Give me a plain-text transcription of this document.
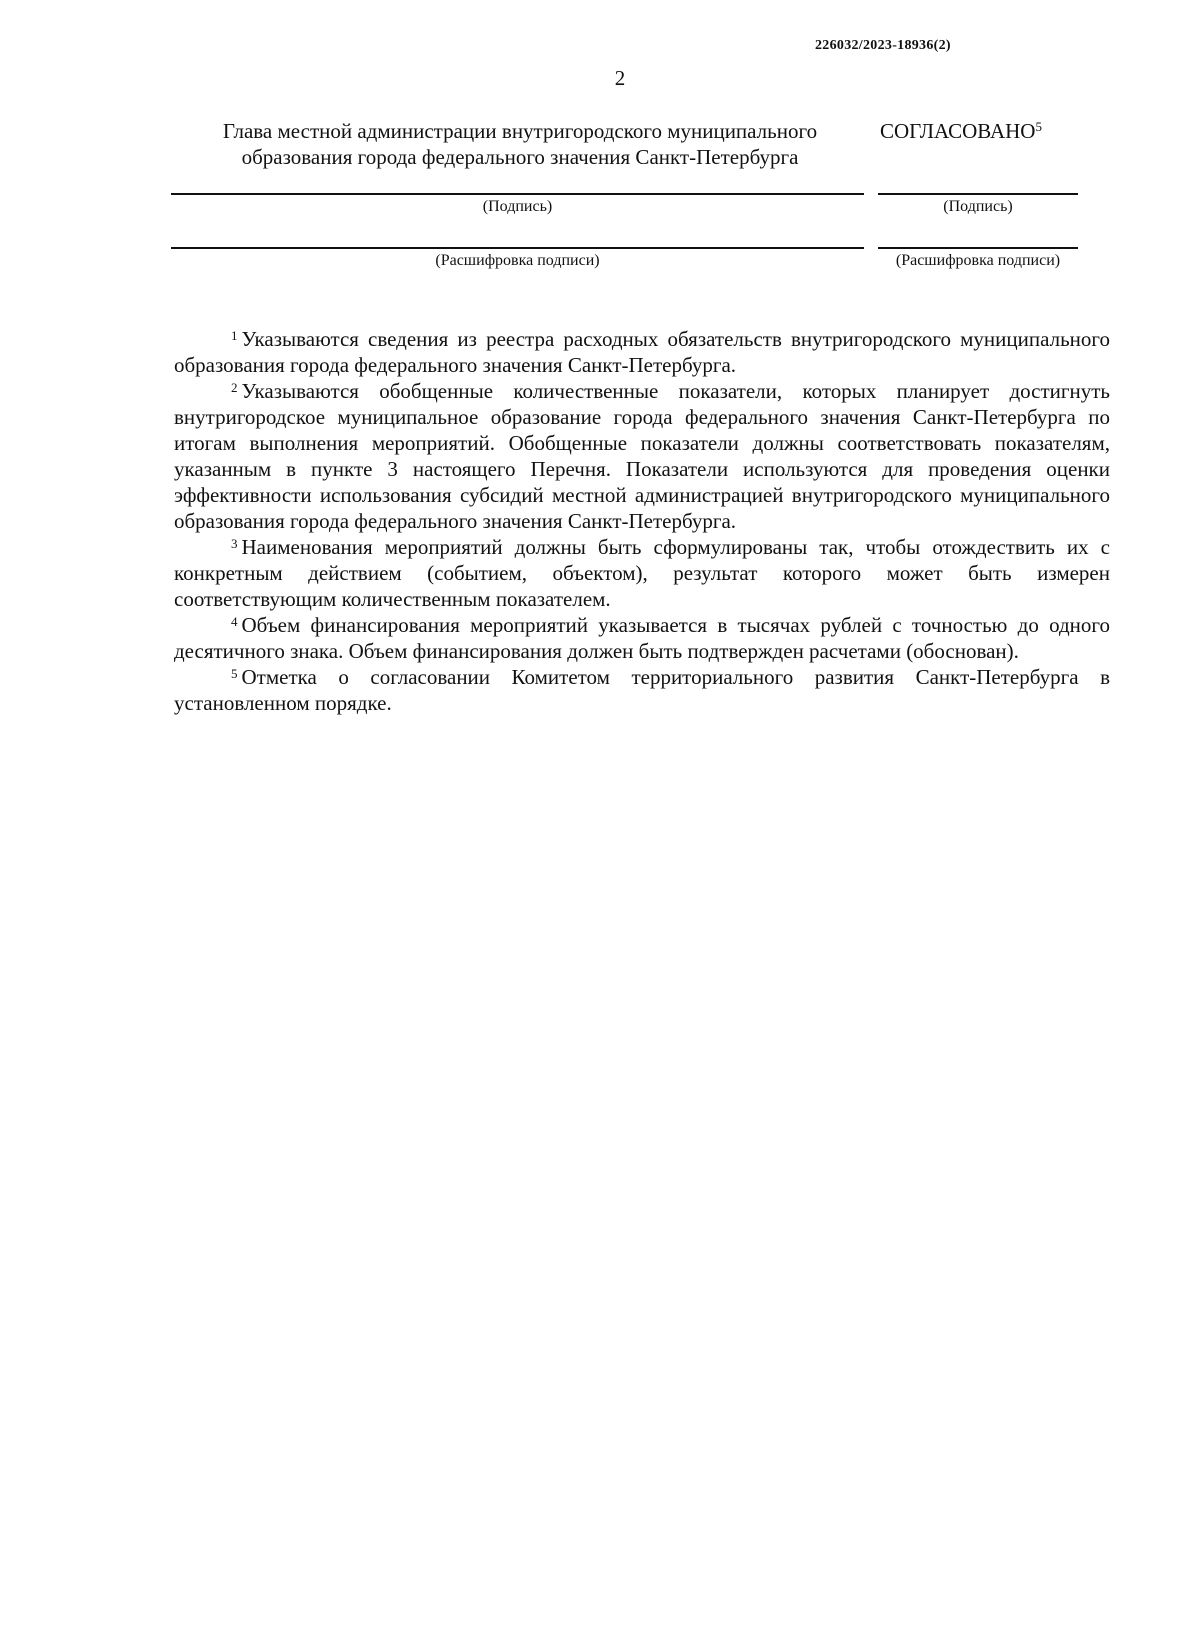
226032/2023-18936(2)
2
Глава местной администрации внутригородского муниципального образования города федерального значения Санкт-Петербурга
СОГЛАСОВАНО$^5$
(Подпись)	(Подпись)
(Расшифровка подписи)	(Расшифровка подписи)

$^1$ Указываются сведения из реестра расходных обязательств внутригородского муниципального образования города федерального значения Санкт-Петербурга.

$^2$ Указываются обобщенные количественные показатели, которых планирует достигнуть внутригородское муниципальное образование города федерального значения Санкт-Петербурга по итогам выполнения мероприятий. Обобщенные показатели должны соответствовать показателям, указанным в пункте 3 настоящего Перечня. Показатели используются для проведения оценки эффективности использования субсидий местной администрацией внутригородского муниципального образования города федерального значения Санкт-Петербурга.

$^3$ Наименования мероприятий должны быть сформулированы так, чтобы отождествить их с конкретным действием (событием, объектом), результат которого может быть измерен соответствующим количественным показателем.

$^4$ Объем финансирования мероприятий указывается в тысячах рублей с точностью до одного десятичного знака. Объем финансирования должен быть подтвержден расчетами (обоснован).

$^5$ Отметка о согласовании Комитетом территориального развития Санкт-Петербурга в установленном порядке.
